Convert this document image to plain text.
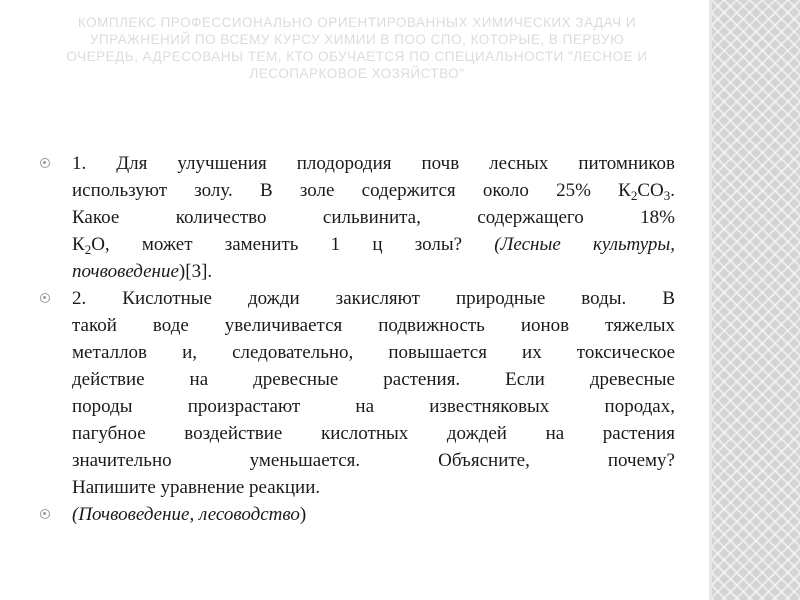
КОМПЛЕКС ПРОФЕССИОНАЛЬНО ОРИЕНТИРОВАННЫХ ХИМИЧЕСКИХ ЗАДАЧ И УПРАЖНЕНИЙ ПО ВСЕМУ КУРСУ ХИМИИ В ПОО СПО, КОТОРЫЕ, В ПЕРВУЮ ОЧЕРЕДЬ, АДРЕСОВАНЫ ТЕМ, КТО ОБУЧАЕТСЯ ПО СПЕЦИАЛЬНОСТИ "ЛЕСНОЕ И ЛЕСОПАРКОВОЕ ХОЗЯЙСТВО"
1. Для улучшения плодородия почв лесных питомников
используют золу. В золе содержится около 25% $К_2СО_3$.
Какое количество сильвинита, содержащего 18%
$К_2О$, может заменить 1 ц золы? (Лесные культуры,
почвоведение)[3].
2. Кислотные дожди закисляют природные воды. В
такой воде увеличивается подвижность ионов тяжелых
металлов и, следовательно, повышается их токсическое
действие на древесные растения. Если древесные
породы произрастают на известняковых породах,
пагубное воздействие кислотных дождей на растения
значительно уменьшается. Объясните, почему?
Напишите уравнение реакции.
(Почвоведение, лесоводство)
